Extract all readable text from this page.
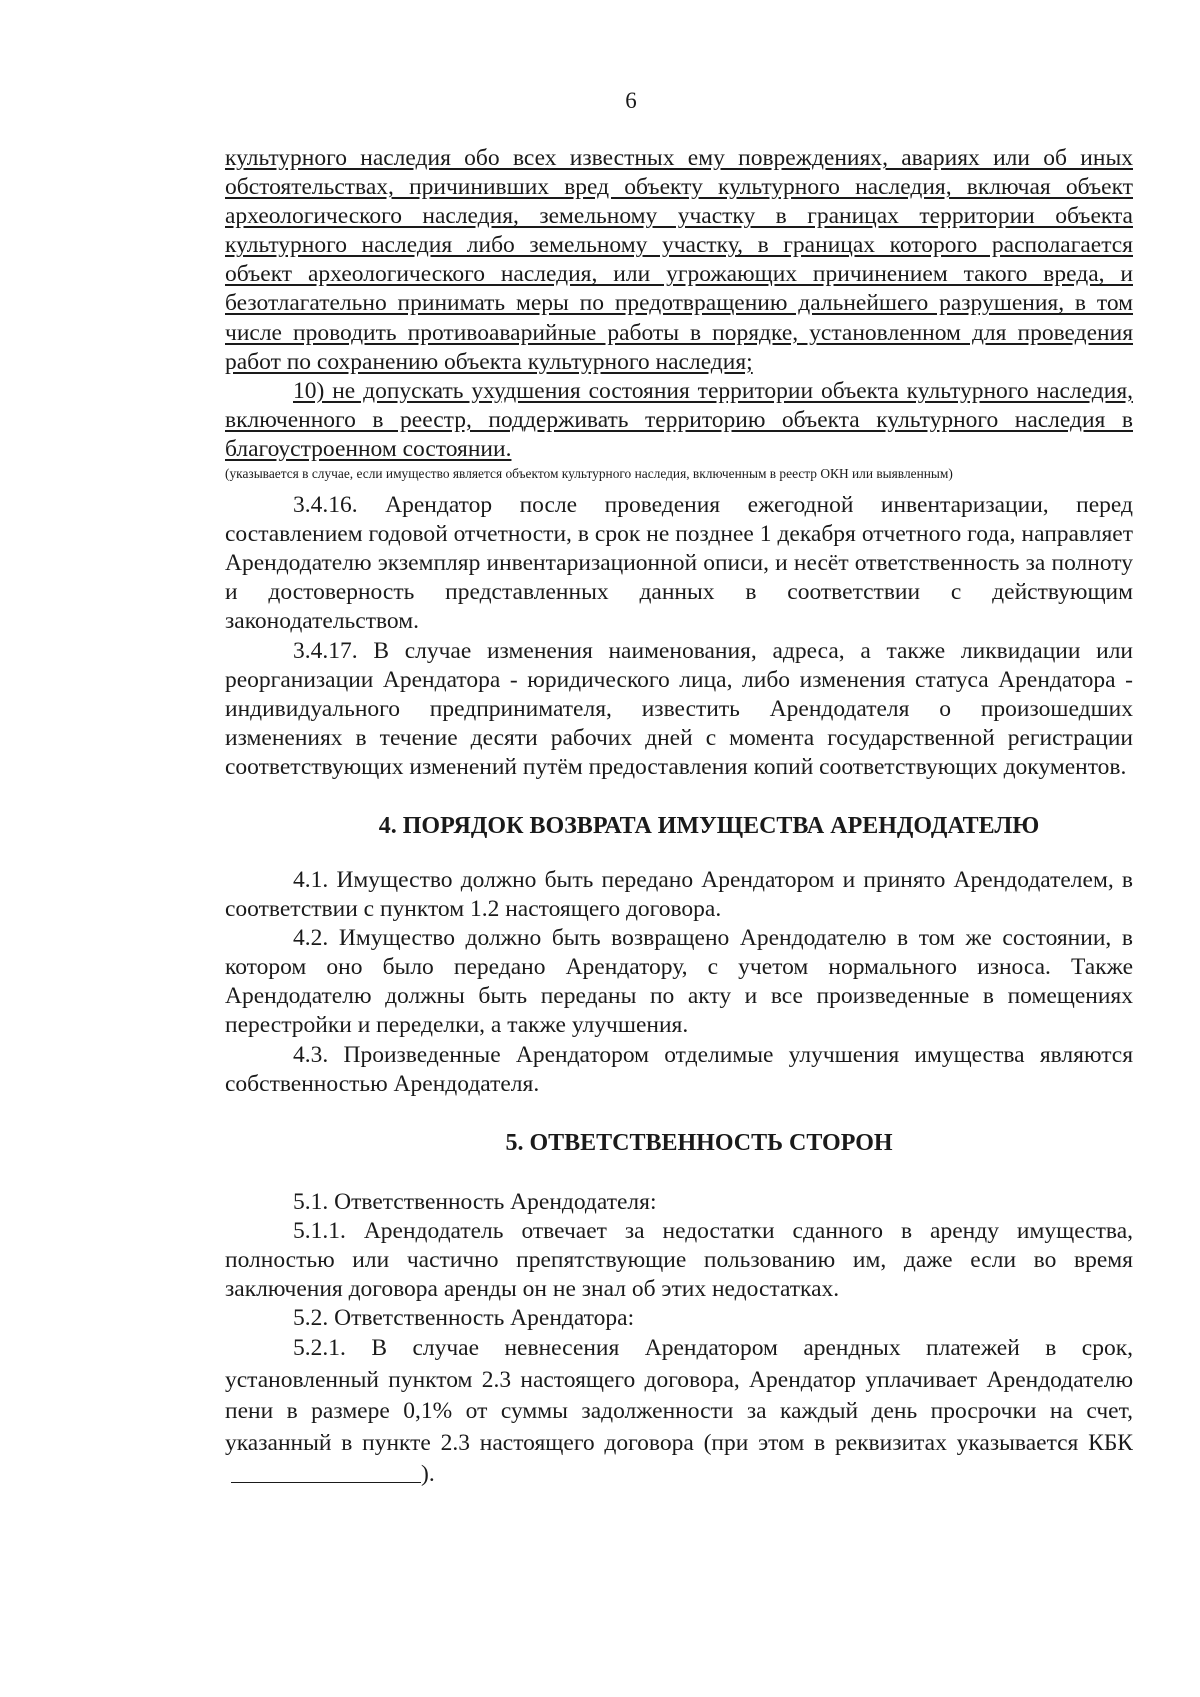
6

культурного наследия обо всех известных ему повреждениях, авариях или об иных обстоятельствах, причинивших вред объекту культурного наследия, включая объект археологического наследия, земельному участку в границах территории объекта культурного наследия либо земельному участку, в границах которого располагается объект археологического наследия, или угрожающих причинением такого вреда, и безотлагательно принимать меры по предотвращению дальнейшего разрушения, в том числе проводить противоаварийные работы в порядке, установленном для проведения работ по сохранению объекта культурного наследия;

10) не допускать ухудшения состояния территории объекта культурного наследия, включенного в реестр, поддерживать территорию объекта культурного наследия в благоустроенном состоянии.

(указывается в случае, если имущество является объектом культурного наследия, включенным в реестр ОКН или выявленным)

3.4.16. Арендатор после проведения ежегодной инвентаризации, перед составлением годовой отчетности, в срок не позднее 1 декабря отчетного года, направляет Арендодателю экземпляр инвентаризационной описи, и несёт ответственность за полноту и достоверность представленных данных в соответствии с действующим законодательством.

3.4.17. В случае изменения наименования, адреса, а также ликвидации или реорганизации Арендатора - юридического лица, либо изменения статуса Арендатора - индивидуального предпринимателя, известить Арендодателя о произошедших изменениях в течение десяти рабочих дней с момента государственной регистрации соответствующих изменений путём предоставления копий соответствующих документов.

4. ПОРЯДОК ВОЗВРАТА ИМУЩЕСТВА АРЕНДОДАТЕЛЮ

4.1. Имущество должно быть передано Арендатором и принято Арендодателем, в соответствии с пунктом 1.2 настоящего договора.

4.2. Имущество должно быть возвращено Арендодателю в том же состоянии, в котором оно было передано Арендатору, с учетом нормального износа. Также Арендодателю должны быть переданы по акту и все произведенные в помещениях перестройки и переделки, а также улучшения.

4.3. Произведенные Арендатором отделимые улучшения имущества являются собственностью Арендодателя.

5. ОТВЕТСТВЕННОСТЬ СТОРОН

5.1. Ответственность Арендодателя:

5.1.1. Арендодатель отвечает за недостатки сданного в аренду имущества, полностью или частично препятствующие пользованию им, даже если во время заключения договора аренды он не знал об этих недостатках.

5.2. Ответственность Арендатора:

5.2.1. В случае невнесения Арендатором арендных платежей в срок, установленный пунктом 2.3 настоящего договора, Арендатор уплачивает Арендодателю пени в размере 0,1% от суммы задолженности за каждый день просрочки на счет, указанный в пункте 2.3 настоящего договора (при этом в реквизитах указывается КБК).
